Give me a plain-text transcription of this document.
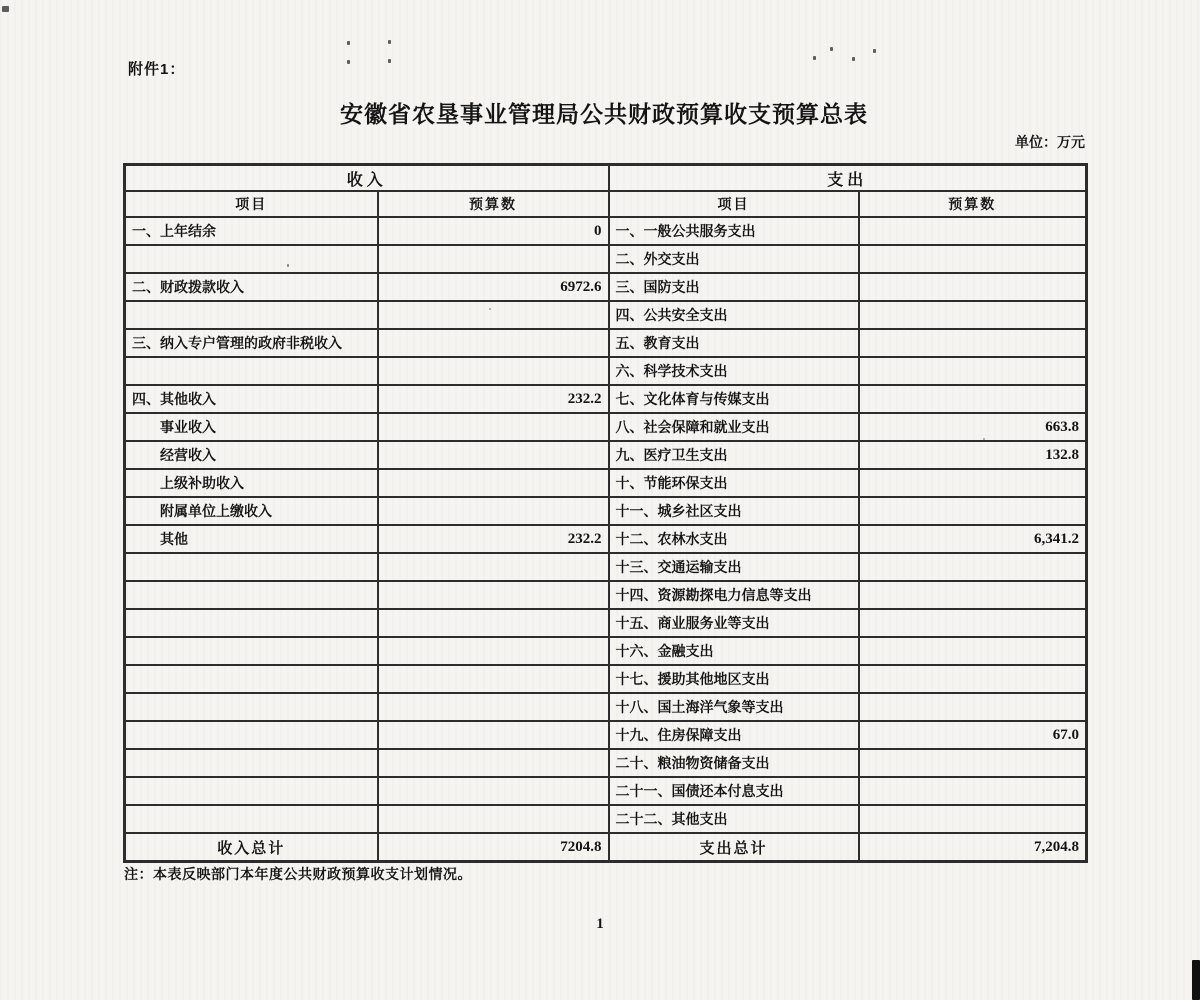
附件1：
安徽省农垦事业管理局公共财政预算收支预算总表
单位：万元
收入		支出	
项目	预算数	项目	预算数
一、上年结余	0	一、一般公共服务支出	
		二、外交支出	
二、财政拨款收入	6972.6	三、国防支出	
		四、公共安全支出	
三、纳入专户管理的政府非税收入		五、教育支出	
		六、科学技术支出	
四、其他收入	232.2	七、文化体育与传媒支出	
事业收入		八、社会保障和就业支出	663.8
经营收入		九、医疗卫生支出	132.8
上级补助收入		十、节能环保支出	
附属单位上缴收入		十一、城乡社区支出	
其他	232.2	十二、农林水支出	6,341.2
		十三、交通运输支出	
		十四、资源勘探电力信息等支出	
		十五、商业服务业等支出	
		十六、金融支出	
		十七、援助其他地区支出	
		十八、国土海洋气象等支出	
		十九、住房保障支出	67.0
		二十、粮油物资储备支出	
		二十一、国债还本付息支出	
		二十二、其他支出	
收入总计	7204.8	支出总计	7,204.8
注：本表反映部门本年度公共财政预算收支计划情况。
1
